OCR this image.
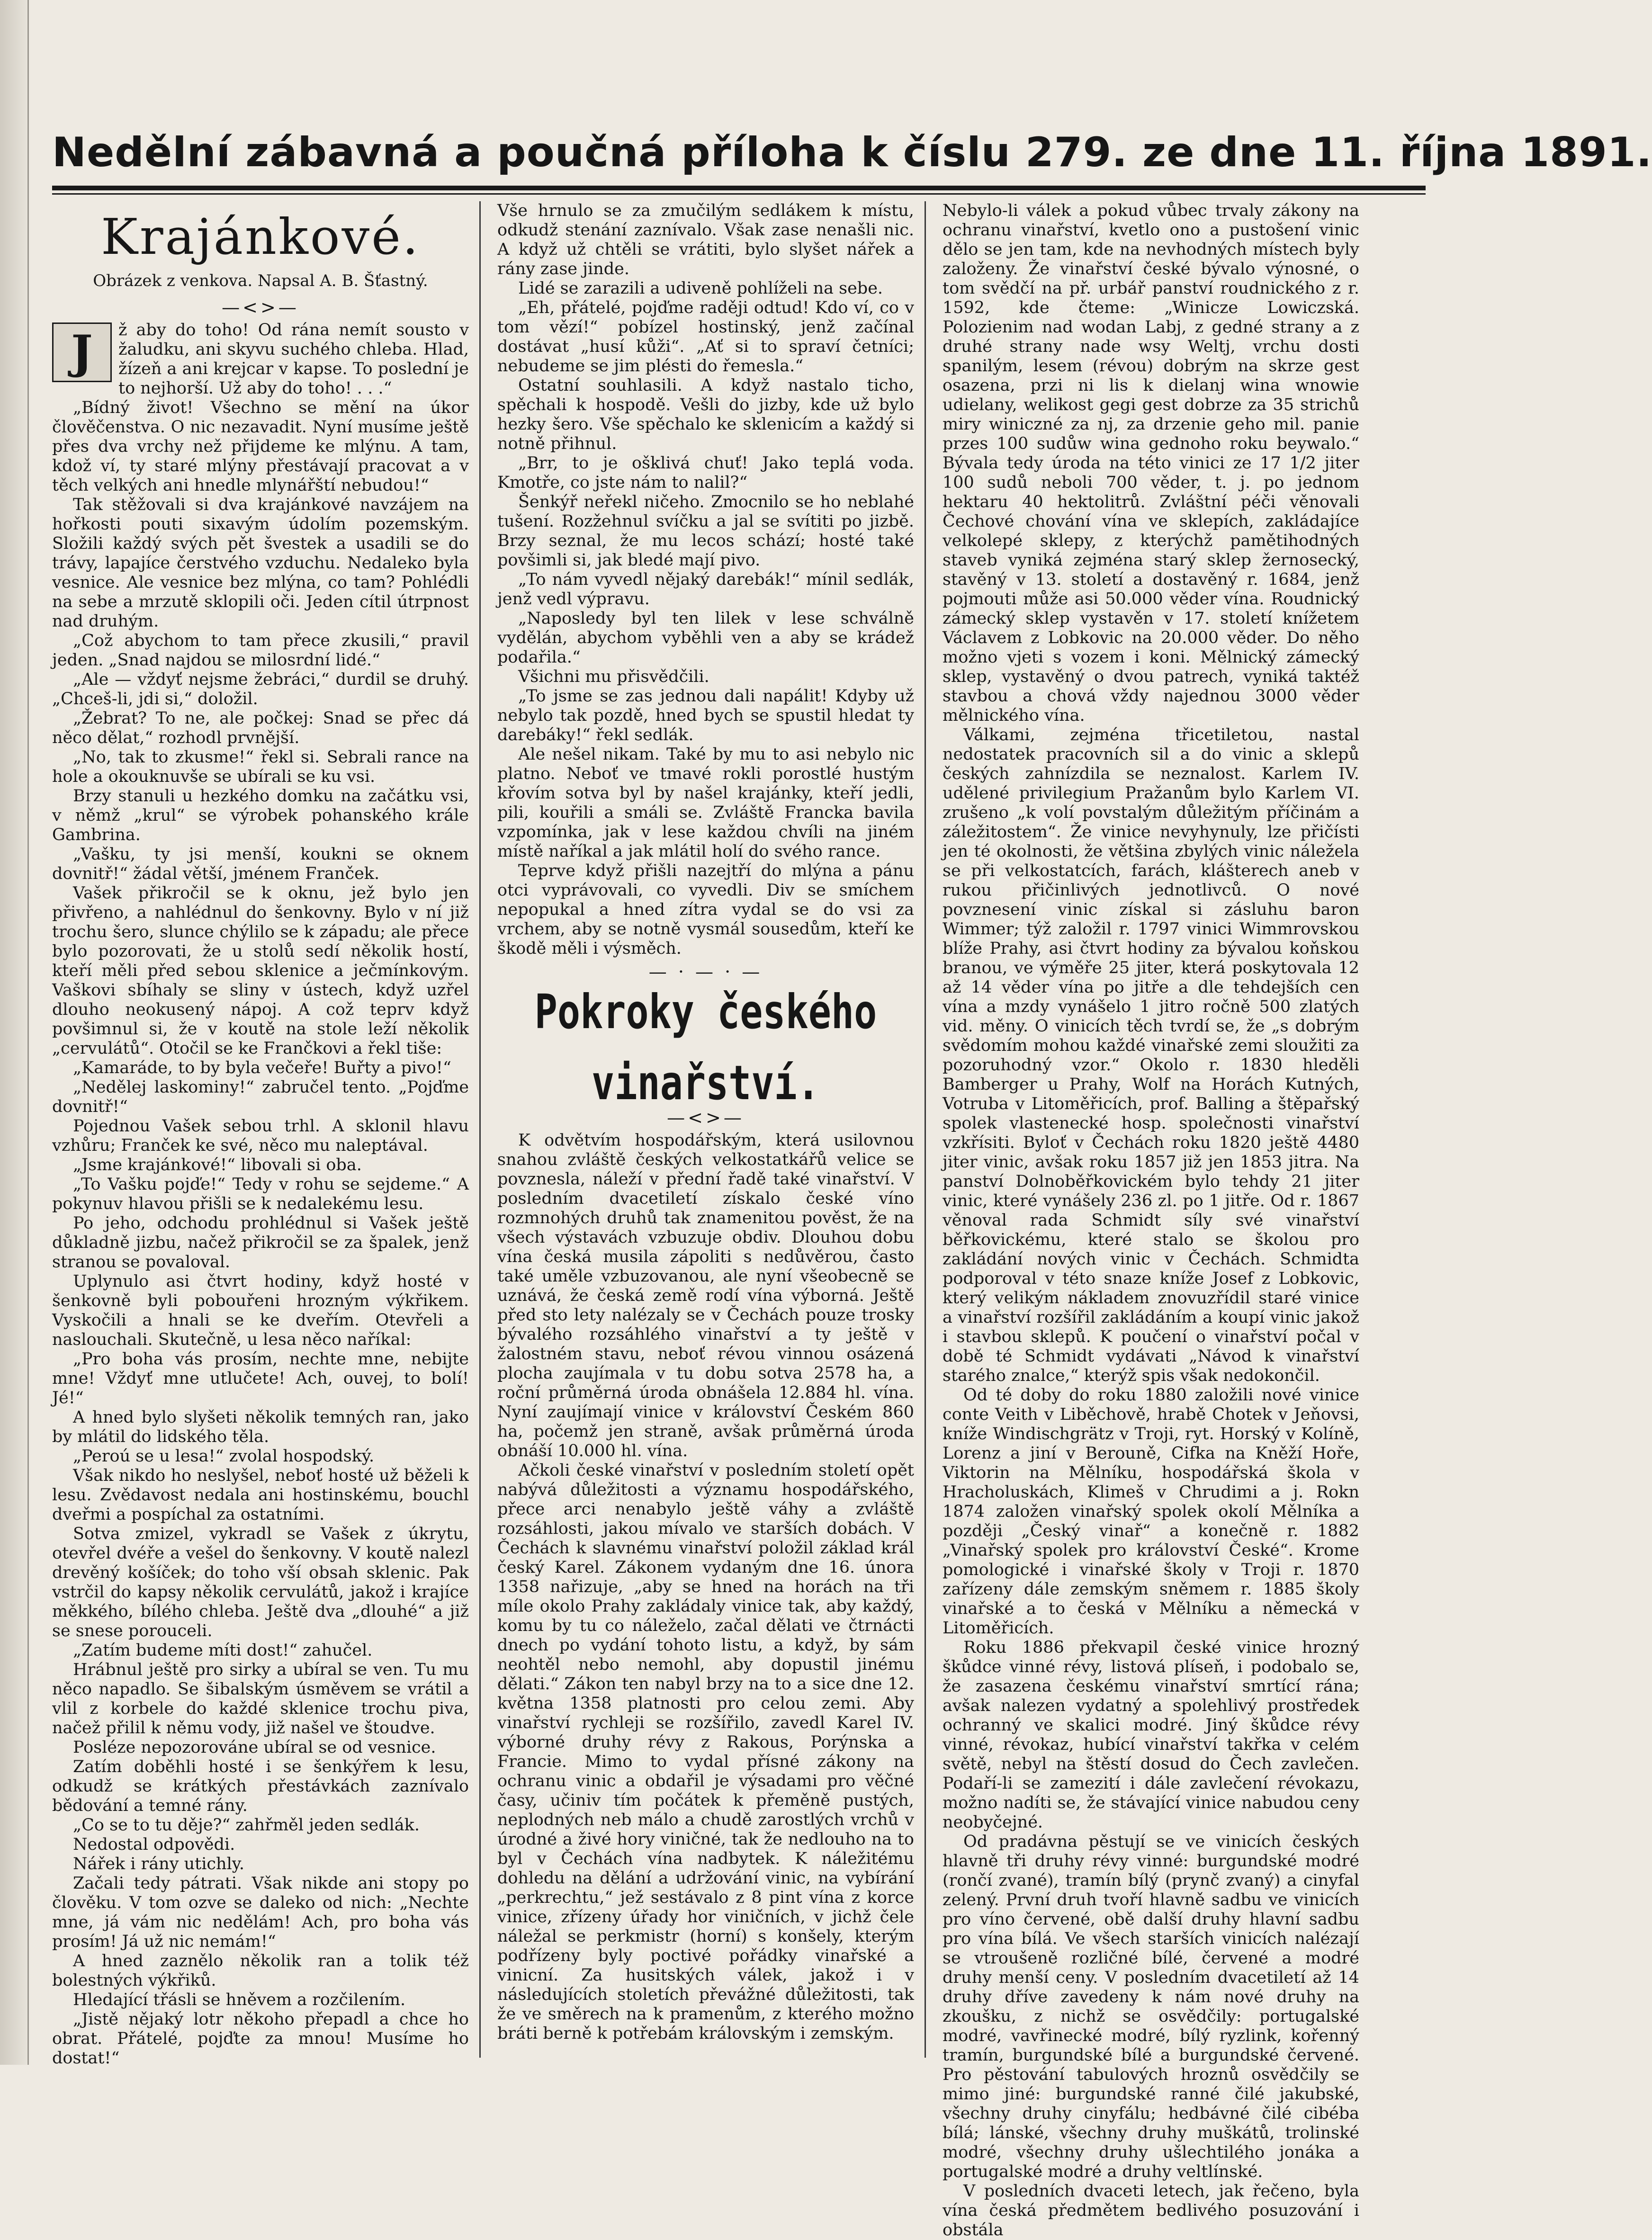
Nedělní zábavná a poučná příloha k číslu 279. ze dne 11. října 1891.
Krajánkové.
Obrázek z venkova. Napsal A. B. Šťastný.
—<>—
J	ž aby do toho! Od rána nemít sousto v žaludku, ani skyvu suchého chleba. Hlad, žízeň a ani krejcar v kapse. To poslední je to nejhorší. Už aby do toho! . . .“

„Bídný život! Všechno se mění na úkor člověčenstva. O nic nezavadit. Nyní musíme ještě přes dva vrchy než přijdeme ke mlýnu. A tam, kdož ví, ty staré mlýny přestávají pracovat a v těch velkých ani hnedle mlynářští nebudou!“

Tak stěžovali si dva krajánkové navzájem na hořkosti pouti sixavým údolím pozemským. Složili každý svých pět švestek a usadili se do trávy, lapajíce čerstvého vzduchu. Nedaleko byla vesnice. Ale vesnice bez mlýna, co tam? Pohlédli na sebe a mrzutě sklopili oči. Jeden cítil útrpnost nad druhým.

„Což abychom to tam přece zkusili,“ pravil jeden. „Snad najdou se milosrdní lidé.“

„Ale — vždyť nejsme žebráci,“ durdil se druhý. „Chceš-li, jdi si,“ doložil.

„Žebrat? To ne, ale počkej: Snad se přec dá něco dělat,“ rozhodl prvnější.

„No, tak to zkusme!“ řekl si. Sebrali rance na hole a okouknuvše se ubírali se ku vsi.

Brzy stanuli u hezkého domku na začátku vsi, v němž „krul“ se výrobek pohanského krále Gambrina.

„Vašku, ty jsi menší, koukni se oknem dovnitř!“ žádal větší, jménem Franček.

Vašek přikročil se k oknu, jež bylo jen přivřeno, a nahlédnul do šenkovny. Bylo v ní již trochu šero, slunce chýlilo se k západu; ale přece bylo pozorovati, že u stolů sedí několik hostí, kteří měli před sebou sklenice a ječmínkovým. Vaškovi sbíhaly se sliny v ústech, když uzřel dlouho neokusený nápoj. A což teprv když povšimnul si, že v koutě na stole leží několik „cervulátů“. Otočil se ke Frančkovi a řekl tiše:

„Kamaráde, to by byla večeře! Buřty a pivo!“

„Nedělej laskominy!“ zabručel tento. „Pojďme dovnitř!“

Pojednou Vašek sebou trhl. A sklonil hlavu vzhůru; Franček ke své, něco mu naleptával.

„Jsme krajánkové!“ libovali si oba.

„To Vašku pojďe!“ Tedy v rohu se sejdeme.“ A pokynuv hlavou přišli se k nedalekému lesu.

Po jeho, odchodu prohlédnul si Vašek ještě důkladně jizbu, načež přikročil se za špalek, jenž stranou se povaloval.

Uplynulo asi čtvrt hodiny, když hosté v šenkovně byli pobouřeni hrozným výkřikem. Vyskočili a hnali se ke dveřím. Otevřeli a naslouchali. Skutečně, u lesa něco naříkal:

„Pro boha vás prosím, nechte mne, nebijte mne! Vždyť mne utlučete! Ach, ouvej, to bolí! Jé!“

A hned bylo slyšeti několik temných ran, jako by mlátil do lidského těla.

„Peroú se u lesa!“ zvolal hospodský.

Však nikdo ho neslyšel, neboť hosté už běželi k lesu. Zvědavost nedala ani hostinskému, bouchl dveřmi a pospíchal za ostatními.

Sotva zmizel, vykradl se Vašek z úkrytu, otevřel dvéře a vešel do šenkovny. V koutě nalezl drevěný košíček; do toho vší obsah sklenic. Pak vstrčil do kapsy několik cervulátů, jakož i krajíce měkkého, bílého chleba. Ještě dva „dlouhé“ a již se snese porouceli.

„Zatím budeme míti dost!“ zahučel.

Hrábnul ještě pro sirky a ubíral se ven. Tu mu něco napadlo. Se šibalským úsměvem se vrátil a vlil z korbele do každé sklenice trochu piva, načež přilil k němu vody, již našel ve štoudve.

Posléze nepozorováne ubíral se od vesnice.

Zatím doběhli hosté i se šenkýřem k lesu, odkudž se krátkých přestávkách zaznívalo bědování a temné rány.

„Co se to tu děje?“ zahřměl jeden sedlák.

Nedostal odpovědi.

Nářek i rány utichly.

Začali tedy pátrati. Však nikde ani stopy po člověku. V tom ozve se daleko od nich: „Nechte mne, já vám nic nedělám! Ach, pro boha vás prosím! Já už nic nemám!“

A hned zaznělo několik ran a tolik též bolestných výkřiků.

Hledající třásli se hněvem a rozčilením.

„Jistě nějaký lotr někoho přepadl a chce ho obrat. Přátelé, pojďte za mnou! Musíme ho dostat!“

Vše hrnulo se za zmučilým sedlákem k místu, odkudž stenání zaznívalo. Však zase nenašli nic. A když už chtěli se vrátiti, bylo slyšet nářek a rány zase jinde.

Lidé se zarazili a udiveně pohlíželi na sebe.

„Eh, přátelé, pojďme raději odtud! Kdo ví, co v tom vězí!“ pobízel hostinský, jenž začínal dostávat „husí kůži“. „Ať si to spraví četníci; nebudeme se jim plésti do řemesla.“

Ostatní souhlasili. A když nastalo ticho, spěchali k hospodě. Vešli do jizby, kde už bylo hezky šero. Vše spěchalo ke sklenicím a každý si notně přihnul.

„Brr, to je ošklivá chuť! Jako teplá voda. Kmotře, co jste nám to nalil?“

Šenkýř neřekl ničeho. Zmocnilo se ho neblahé tušení. Rozžehnul svíčku a jal se svítiti po jizbě. Brzy seznal, že mu lecos schází; hosté také povšimli si, jak bledé mají pivo.

„To nám vyvedl nějaký darebák!“ mínil sedlák, jenž vedl výpravu.

„Naposledy byl ten lilek v lese schválně vydělán, abychom vyběhli ven a aby se krádež podařila.“

Všichni mu přisvědčili.

„To jsme se zas jednou dali napálit! Kdyby už nebylo tak pozdě, hned bych se spustil hledat ty darebáky!“ řekl sedlák.

Ale nešel nikam. Také by mu to asi nebylo nic platno. Neboť ve tmavé rokli porostlé hustým křovím sotva byl by našel krajánky, kteří jedli, pili, kouřili a smáli se. Zvláště Francka bavila vzpomínka, jak v lese každou chvíli na jiném místě naříkal a jak mlátil holí do svého rance.

Teprve když přišli nazejtří do mlýna a pánu otci vyprávovali, co vyvedli. Div se smíchem nepopukal a hned zítra vydal se do vsi za vrchem, aby se notně vysmál sousedům, kteří ke škodě měli i výsměch.

— · — · —
Pokroky českého vinařství.
—<>—

K odvětvím hospodářským, která usilovnou snahou zvláště českých velkostatkářů velice se povznesla, náleží v přední řadě také vinařství. V posledním dvacetiletí získalo české víno rozmnohých druhů tak znamenitou pověst, že na všech výstavách vzbuzuje obdiv. Dlouhou dobu vína česká musila zápoliti s nedůvěrou, často také uměle vzbuzovanou, ale nyní všeobecně se uznává, že česká země rodí vína výborná. Ještě před sto lety nalézaly se v Čechách pouze trosky bývalého rozsáhlého vinařství a ty ještě v žalostném stavu, neboť révou vinnou osázená plocha zaujímala v tu dobu sotva 2578 ha, a roční průměrná úroda obnášela 12.884 hl. vína. Nyní zaujímají vinice v království Českém 860 ha, počemž jen straně, avšak průměrná úroda obnáší 10.000 hl. vína.

Ačkoli české vinařství v posledním století opět nabývá důležitosti a významu hospodářského, přece arci nenabylo ještě váhy a zvláště rozsáhlosti, jakou mívalo ve starších dobách. V Čechách k slavnému vinařství položil základ král český Karel. Zákonem vydaným dne 16. února 1358 nařizuje, „aby se hned na horách na tři míle okolo Prahy zakládaly vinice tak, aby každý, komu by tu co náleželo, začal dělati ve čtrnácti dnech po vydání tohoto listu, a když, by sám neohtěl nebo nemohl, aby dopustil jinému dělati.“ Zákon ten nabyl brzy na to a sice dne 12. května 1358 platnosti pro celou zemi. Aby vinařství rychleji se rozšířilo, zavedl Karel IV. výborné druhy révy z Rakous, Porýnska a Francie. Mimo to vydal přísné zákony na ochranu vinic a obdařil je výsadami pro věčné časy, učiniv tím počátek k přeměně pustých, neplodných neb málo a chudě zarostlých vrchů v úrodné a živé hory viničné, tak že nedlouho na to byl v Čechách vína nadbytek. K náležitému dohledu na dělání a udržování vinic, na vybírání „perkrechtu,“ jež sestávalo z 8 pint vína z korce vinice, zřízeny úřady hor viničních, v jichž čele náležal se perkmistr (horní) s konšely, kterým podřízeny byly poctivé pořádky vinařské a vinicní. Za husitských válek, jakož i v následujících stoletích převážné důležitosti, tak že ve směrech na k pramenům, z kterého možno bráti berně k potřebám královským i zemským.

Nebylo-li válek a pokud vůbec trvaly zákony na ochranu vinařství, kvetlo ono a pustošení vinic dělo se jen tam, kde na nevhodných místech byly založeny. Že vinařství české bývalo výnosné, o tom svědčí na př. urbář panství roudnického z r. 1592, kde čteme: „Winicze Lowiczská. Polozienim nad wodan Labj, z gedné strany a z druhé strany nade wsy Weltj, vrchu dosti spanilým, lesem (révou) dobrým na skrze gest osazena, przi ni lis k dielanj wina wnowie udielany, welikost gegi gest dobrze za 35 strichů miry winiczné za nj, za drzenie geho mil. panie przes 100 sudůw wina gednoho roku beywalo.“ Bývala tedy úroda na této vinici ze 17 1/2 jiter 100 sudů neboli 700 věder, t. j. po jednom hektaru 40 hektolitrů. Zvláštní péči věnovali Čechové chování vína ve sklepích, zakládajíce velkolepé sklepy, z kterýchž pamětihodných staveb vyniká zejména starý sklep žernosecký, stavěný v 13. století a dostavěný r. 1684, jenž pojmouti může asi 50.000 věder vína. Roudnický zámecký sklep vystavěn v 17. století knížetem Václavem z Lobkovic na 20.000 věder. Do něho možno vjeti s vozem i koni. Mělnický zámecký sklep, vystavěný o dvou patrech, vyniká taktéž stavbou a chová vždy najednou 3000 věder mělnického vína.

Válkami, zejména třicetiletou, nastal nedostatek pracovních sil a do vinic a sklepů českých zahnízdila se neznalost. Karlem IV. udělené privilegium Pražanům bylo Karlem VI. zrušeno „k volí povstalým důležitým příčinám a záležitostem“. Že vinice nevyhynuly, lze přičísti jen té okolnosti, že většina zbylých vinic náležela se při velkostatcích, farách, klášterech aneb v rukou přičinlivých jednotlivců. O nové povznesení vinic získal si zásluhu baron Wimmer; týž založil r. 1797 vinici Wimmrovskou blíže Prahy, asi čtvrt hodiny za bývalou koňskou branou, ve výměře 25 jiter, která poskytovala 12 až 14 věder vína po jitře a dle tehdejších cen vína a mzdy vynášelo 1 jitro ročně 500 zlatých vid. měny. O vinicích těch tvrdí se, že „s dobrým svědomím mohou každé vinařské zemi sloužiti za pozoruhodný vzor.“ Okolo r. 1830 hleděli Bamberger u Prahy, Wolf na Horách Kutných, Votruba v Litoměřicích, prof. Balling a štěpařský spolek vlastenecké hosp. společnosti vinařství vzkřísiti. Byloť v Čechách roku 1820 ještě 4480 jiter vinic, avšak roku 1857 již jen 1853 jitra. Na panství Dolnoběřkovickém bylo tehdy 21 jiter vinic, které vynášely 236 zl. po 1 jitře. Od r. 1867 věnoval rada Schmidt síly své vinařství běřkovickému, které stalo se školou pro zakládání nových vinic v Čechách. Schmidta podporoval v této snaze kníže Josef z Lobkovic, který velikým nákladem znovuzřídil staré vinice a vinařství rozšířil zakládáním a koupí vinic jakož i stavbou sklepů. K poučení o vinařství počal v době té Schmidt vydávati „Návod k vinařství starého znalce,“ kterýž spis však nedokončil.

Od té doby do roku 1880 založili nové vinice conte Veith v Liběchově, hrabě Chotek v Jeňovsi, kníže Windischgrätz v Troji, ryt. Horský v Kolíně, Lorenz a jiní v Berouně, Cifka na Kněží Hoře, Viktorin na Mělníku, hospodářská škola v Hracholuskách, Klimeš v Chrudimi a j. Rokn 1874 založen vinařský spolek okolí Mělníka a později „Český vinař“ a konečně r. 1882 „Vinařský spolek pro království České“. Krome pomologické i vinařské školy v Troji r. 1870 zařízeny dále zemským sněmem r. 1885 školy vinařské a to česká v Mělníku a německá v Litoměřicích.

Roku 1886 překvapil české vinice hrozný škůdce vinné révy, listová plíseň, i podobalo se, že zasazena českému vinařství smrtící rána; avšak nalezen vydatný a spolehlivý prostředek ochranný ve skalici modré. Jiný škůdce révy vinné, révokaz, hubící vinařství takřka v celém světě, nebyl na štěstí dosud do Čech zavlečen. Podaří-li se zamezití i dále zavlečení révokazu, možno nadíti se, že stávající vinice nabudou ceny neobyčejné.

Od pradávna pěstují se ve vinicích českých hlavně tři druhy révy vinné: burgundské modré (rončí zvané), tramín bílý (prynč zvaný) a cinyfal zelený. První druh tvoří hlavně sadbu ve vinicích pro víno červené, obě další druhy hlavní sadbu pro vína bílá. Ve všech starších vinicích nalézají se vtroušeně rozličné bílé, červené a modré druhy menší ceny. V posledním dvacetiletí až 14 druhy dříve zavedeny k nám nové druhy na zkoušku, z nichž se osvědčily: portugalské modré, vavřinecké modré, bílý ryzlink, kořenný tramín, burgundské bílé a burgundské červené. Pro pěstování tabulových hroznů osvědčily se mimo jiné: burgundské ranné čilé jakubské, všechny druhy cinyfálu; hedbávné čilé cibéba bílá; lánské, všechny druhy muškátů, trolinské modré, všechny druhy ušlechtilého jonáka a portugalské modré a druhy veltlínské.

V posledních dvaceti letech, jak řečeno, byla vína česká předmětem bedlivého posuzování i obstála
